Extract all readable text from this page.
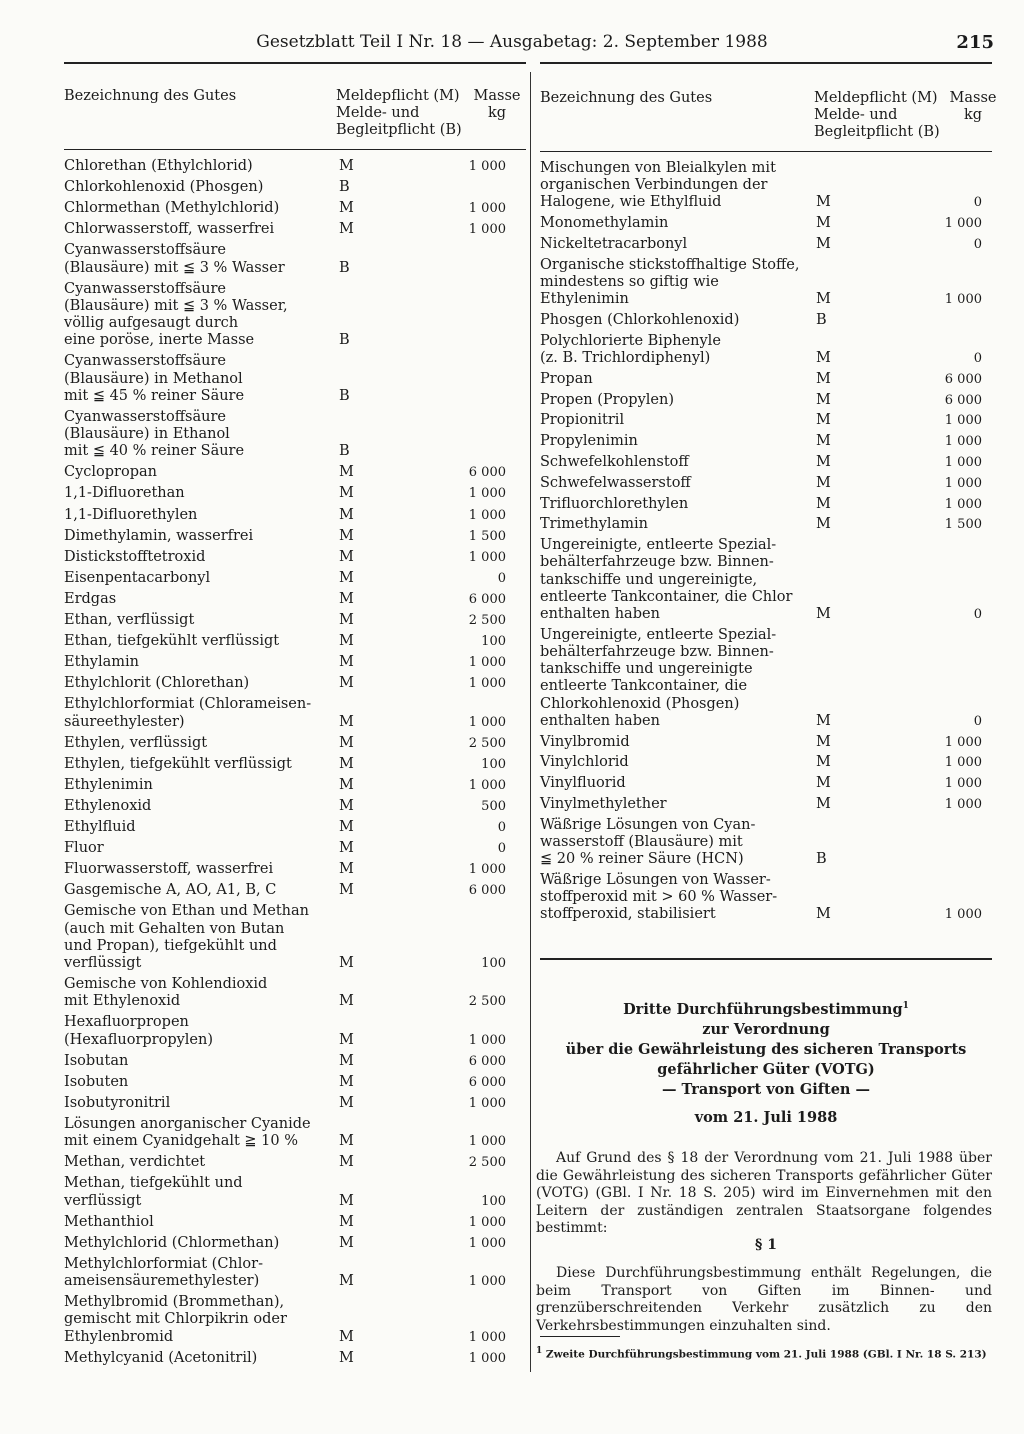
Gesetzblatt Teil I Nr. 18 — Ausgabetag: 2. September 1988	215
Bezeichnung des Gutes	Meldepflicht (M)
Melde- und
Begleitpflicht (B)
Masse
kg
Chlorethan (Ethylchlorid)	M	1 000
Chlorkohlenoxid (Phosgen)	B
Chlormethan (Methylchlorid)	M	1 000
Chlorwasserstoff, wasserfrei	M	1 000
Cyanwasserstoffsäure
(Blausäure) mit ≦ 3 % Wasser	B
Cyanwasserstoffsäure
(Blausäure) mit ≦ 3 % Wasser,
völlig aufgesaugt durch
eine poröse, inerte Masse	B
Cyanwasserstoffsäure
(Blausäure) in Methanol
mit ≦ 45 % reiner Säure	B
Cyanwasserstoffsäure
(Blausäure) in Ethanol
mit ≦ 40 % reiner Säure	B
Cyclopropan	M	6 000
1,1-Difluorethan	M	1 000
1,1-Difluorethylen	M	1 000
Dimethylamin, wasserfrei	M	1 500
Distickstofftetroxid	M	1 000
Eisenpentacarbonyl	M	0
Erdgas	M	6 000
Ethan, verflüssigt	M	2 500
Ethan, tiefgekühlt verflüssigt	M	100
Ethylamin	M	1 000
Ethylchlorit (Chlorethan)	M	1 000
Ethylchlorformiat (Chlorameisen-
säureethylester)	M	1 000
Ethylen, verflüssigt	M	2 500
Ethylen, tiefgekühlt verflüssigt	M	100
Ethylenimin	M	1 000
Ethylenoxid	M	500
Ethylfluid	M	0
Fluor	M	0
Fluorwasserstoff, wasserfrei	M	1 000
Gasgemische A, AO, A1, B, C	M	6 000
Gemische von Ethan und Methan
(auch mit Gehalten von Butan
und Propan), tiefgekühlt und
verflüssigt	M	100
Gemische von Kohlendioxid
mit Ethylenoxid	M	2 500
Hexafluorpropen
(Hexafluorpropylen)	M	1 000
Isobutan	M	6 000
Isobuten	M	6 000
Isobutyronitril	M	1 000
Lösungen anorganischer Cyanide
mit einem Cyanidgehalt ≧ 10 %	M	1 000
Methan, verdichtet	M	2 500
Methan, tiefgekühlt und
verflüssigt	M	100
Methanthiol	M	1 000
Methylchlorid (Chlormethan)	M	1 000
Methylchlorformiat (Chlor-
ameisensäuremethylester)	M	1 000
Methylbromid (Brommethan),
gemischt mit Chlorpikrin oder
Ethylenbromid	M	1 000
Methylcyanid (Acetonitril)	M	1 000
Bezeichnung des Gutes	Meldepflicht (M)
Melde- und
Begleitpflicht (B)
Masse
kg
Mischungen von Bleialkylen mit
organischen Verbindungen der
Halogene, wie Ethylfluid	M	0
Monomethylamin	M	1 000
Nickeltetracarbonyl	M	0
Organische stickstoffhaltige Stoffe,
mindestens so giftig wie
Ethylenimin	M	1 000
Phosgen (Chlorkohlenoxid)	B
Polychlorierte Biphenyle
(z. B. Trichlordiphenyl)	M	0
Propan	M	6 000
Propen (Propylen)	M	6 000
Propionitril	M	1 000
Propylenimin	M	1 000
Schwefelkohlenstoff	M	1 000
Schwefelwasserstoff	M	1 000
Trifluorchlorethylen	M	1 000
Trimethylamin	M	1 500
Ungereinigte, entleerte Spezial-
behälterfahrzeuge bzw. Binnen-
tankschiffe und ungereinigte,
entleerte Tankcontainer, die Chlor
enthalten haben	M	0
Ungereinigte, entleerte Spezial-
behälterfahrzeuge bzw. Binnen-
tankschiffe und ungereinigte
entleerte Tankcontainer, die
Chlorkohlenoxid (Phosgen)
enthalten haben	M	0
Vinylbromid	M	1 000
Vinylchlorid	M	1 000
Vinylfluorid	M	1 000
Vinylmethylether	M	1 000
Wäßrige Lösungen von Cyan-
wasserstoff (Blausäure) mit
≦ 20 % reiner Säure (HCN)	B
Wäßrige Lösungen von Wasser-
stoffperoxid mit > 60 % Wasser-
stoffperoxid, stabilisiert	M	1 000
Dritte Durchführungsbestimmung$^1$
zur Verordnung
über die Gewährleistung des sicheren Transports
gefährlicher Güter (VOTG)
— Transport von Giften —
vom 21. Juli 1988
Auf Grund des § 18 der Verordnung vom 21. Juli 1988 über die Gewährleistung des sicheren Transports gefährlicher Güter (VOTG) (GBl. I Nr. 18 S. 205) wird im Einvernehmen mit den Leitern der zuständigen zentralen Staatsorgane folgendes bestimmt:
§ 1
Diese Durchführungsbestimmung enthält Regelungen, die beim Transport von Giften im Binnen- und grenzüberschreitenden Verkehr zusätzlich zu den Verkehrsbestimmungen einzuhalten sind.
$^1$ Zweite Durchführungsbestimmung vom 21. Juli 1988 (GBl. I Nr. 18 S. 213)
